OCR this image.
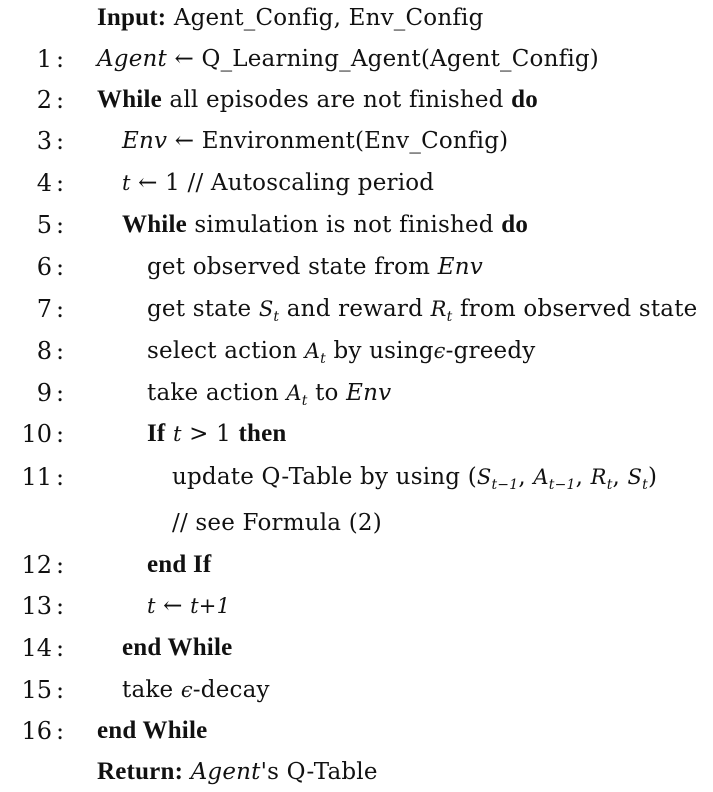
Input: Agent_Config, Env_Config
1 : Agent ← Q_Learning_Agent(Agent_Config)
2 : While all episodes are not finished do
3 :	Env ← Environment(Env_Config)
4 :	t ← 1 // Autoscaling period
5 : While simulation is not finished do
6 :	get observed state from Env
7 :	get state $S_t$ and reward $R_t$ from observed state
8 :	select action $A_t$ by usingϵ-greedy
9 :	take action $A_t$ to Env
10 :	If t > 1 then
11 :	update Q-Table by using ($S_{t-1}$, $A_{t-1}$, $R_t$, $S_t$)
// see Formula (2)
12 :	end If
13 :	t ← t+1
14 : end While
15 :	take ϵ-decay
16 : end While
Return: Agent's Q-Table
